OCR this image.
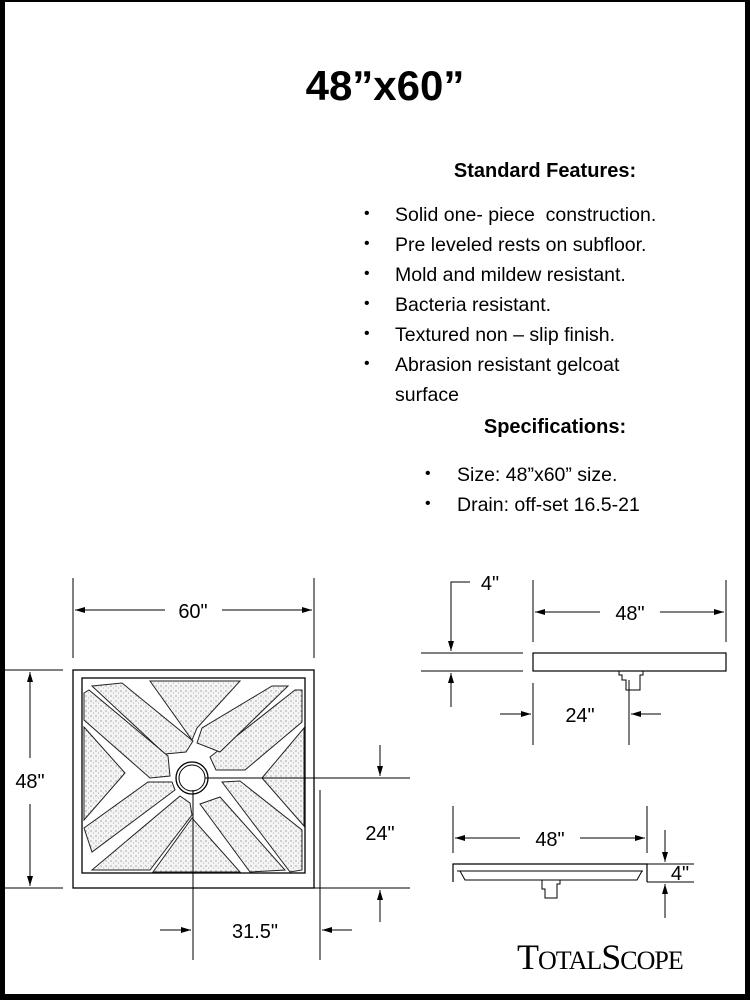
48”x60”
Standard Features:
• Solid one- piece  construction.
• Pre leveled rests on subfloor.
• Mold and mildew resistant.
• Bacteria resistant.
• Textured non – slip finish.
• Abrasion resistant gelcoat
surface
Specifications:
• Size: 48”x60” size.
• Drain: off-set 16.5-21
60"
48"
24"
31.5"
4"
48"
24"
48"
4"
TOTALSCOPE
